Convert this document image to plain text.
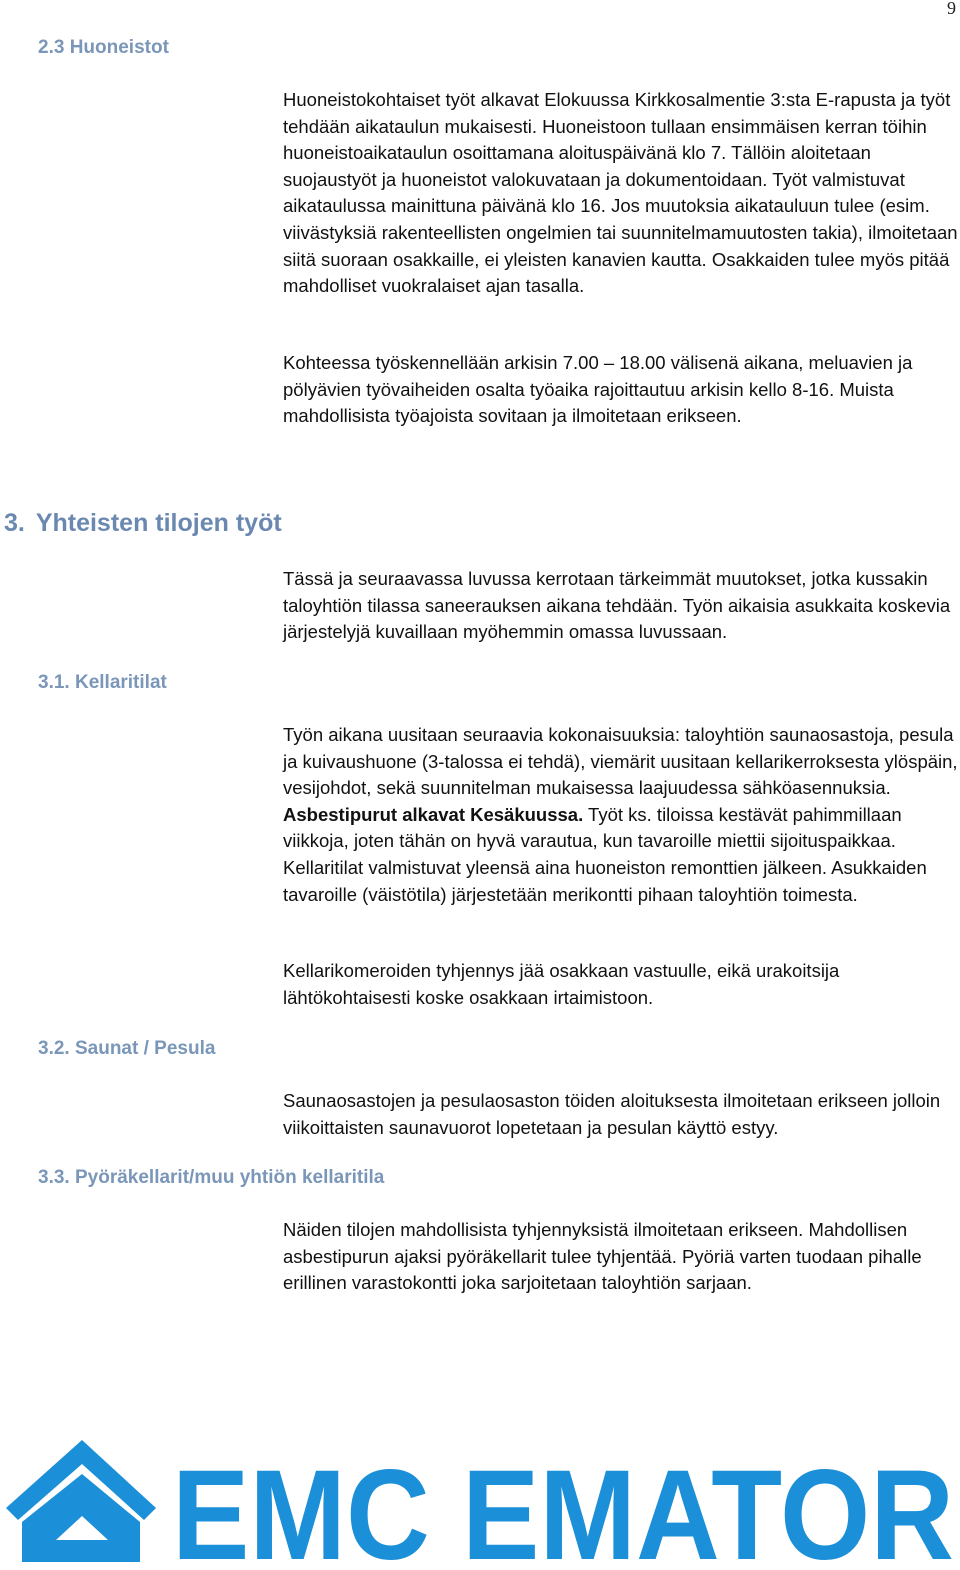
9
2.3 Huoneistot

Huoneistokohtaiset työt alkavat Elokuussa Kirkkosalmentie 3:sta E-rapusta ja työt tehdään aikataulun mukaisesti. Huoneistoon tullaan ensimmäisen kerran töihin huoneistoaikataulun osoittamana aloituspäivänä klo 7. Tällöin aloitetaan suojaustyöt ja huoneistot valokuvataan ja dokumentoidaan. Työt valmistuvat aikataulussa mainittuna päivänä klo 16. Jos muutoksia aikatauluun tulee (esim. viivästyksiä rakenteellisten ongelmien tai suunnitelmamuutosten takia), ilmoitetaan siitä suoraan osakkaille, ei yleisten kanavien kautta. Osakkaiden tulee myös pitää mahdolliset vuokralaiset ajan tasalla.

Kohteessa työskennellään arkisin 7.00 – 18.00 välisenä aikana, meluavien ja pölyävien työvaiheiden osalta työaika rajoittautuu arkisin kello 8-16. Muista mahdollisista työajoista sovitaan ja ilmoitetaan erikseen.

3. Yhteisten tilojen työt

Tässä ja seuraavassa luvussa kerrotaan tärkeimmät muutokset, jotka kussakin taloyhtiön tilassa saneerauksen aikana tehdään. Työn aikaisia asukkaita koskevia järjestelyjä kuvaillaan myöhemmin omassa luvussaan.

3.1. Kellaritilat

Työn aikana uusitaan seuraavia kokonaisuuksia: taloyhtiön saunaosastoja, pesula ja kuivaushuone (3-talossa ei tehdä), viemärit uusitaan kellarikerroksesta ylöspäin, vesijohdot, sekä suunnitelman mukaisessa laajuudessa sähköasennuksia. Asbestipurut alkavat Kesäkuussa. Työt ks. tiloissa kestävät pahimmillaan viikkoja, joten tähän on hyvä varautua, kun tavaroille miettii sijoituspaikkaa. Kellaritilat valmistuvat yleensä aina huoneiston remonttien jälkeen. Asukkaiden tavaroille (väistötila) järjestetään merikontti pihaan taloyhtiön toimesta.

Kellarikomeroiden tyhjennys jää osakkaan vastuulle, eikä urakoitsija lähtökohtaisesti koske osakkaan irtaimistoon.

3.2. Saunat / Pesula

Saunaosastojen ja pesulaosaston töiden aloituksesta ilmoitetaan erikseen jolloin viikoittaisten saunavuorot lopetetaan ja pesulan käyttö estyy.

3.3. Pyöräkellarit/muu yhtiön kellaritila

Näiden tilojen mahdollisista tyhjennyksistä ilmoitetaan erikseen. Mahdollisen asbestipurun ajaksi pyöräkellarit tulee tyhjentää. Pyöriä varten tuodaan pihalle erillinen varastokontti joka sarjoitetaan taloyhtiön sarjaan.

EMC EMATOR
